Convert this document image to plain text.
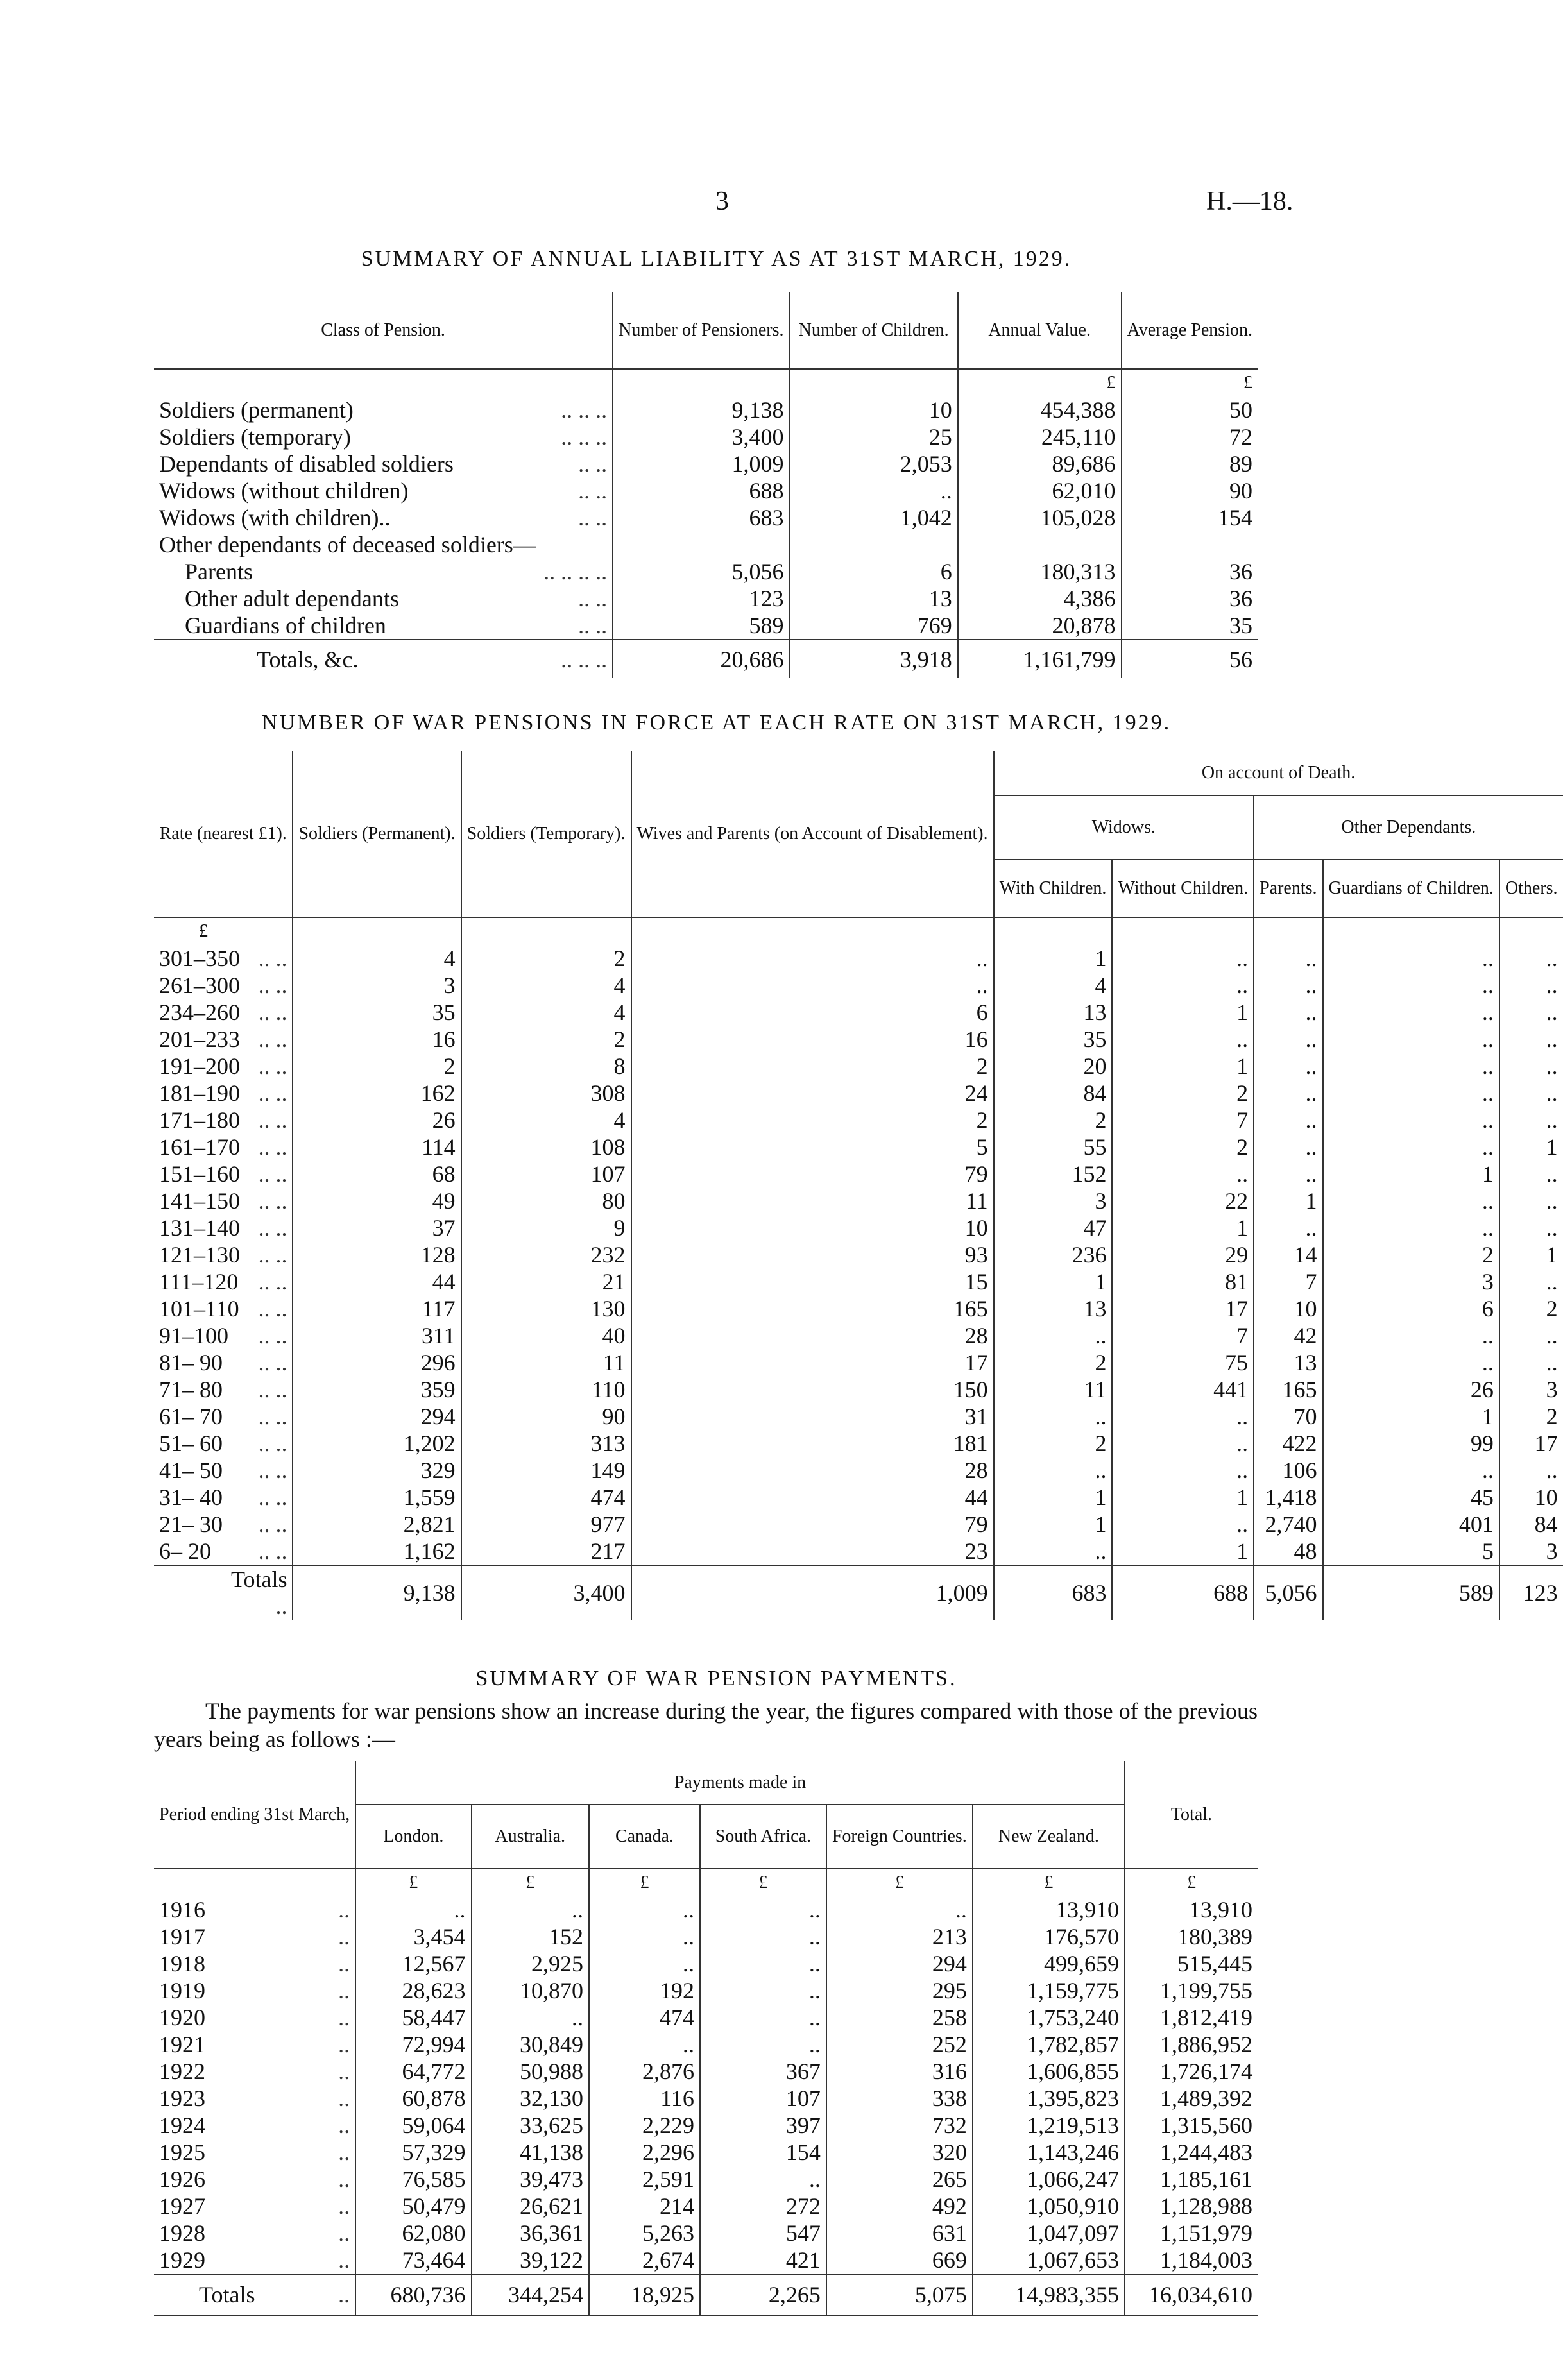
3	H.—18.
SUMMARY OF ANNUAL LIABILITY AS AT 31ST MARCH, 1929.
Class of Pension.	Number of Pensioners.	Number of Children.	Annual Value.	Average Pension.
			£	£
Soldiers (permanent) .. .. ..	9,138	10	454,388	50
Soldiers (temporary) .. .. ..	3,400	25	245,110	72
Dependants of disabled soldiers .. ..	1,009	2,053	89,686	89
Widows (without children) .. ..	688	..	62,010	90
Widows (with children).. .. ..	683	1,042	105,028	154
Other dependants of deceased soldiers—

Parents .. .. .. ..	5,056	6	180,313	36
Other adult dependants .. ..	123	13	4,386	36
Guardians of children .. ..	589	769	20,878	35
Totals, &c. .. .. ..	20,686	3,918	1,161,799	56
NUMBER OF WAR PENSIONS IN FORCE AT EACH RATE ON 31ST MARCH, 1929.
Rate (nearest £1).	Soldiers (Permanent).	Soldiers (Temporary).	Wives and Parents (on Account of Disablement).	On account of Death.				
				Widows.		Other Dependants.		
				With Children.	Without Children.	Parents.	Guardians of Children.	Others.
£								
301–350 .. ..	4	2	..	1	..	..	..	..
261–300 .. ..	3	4	..	4	..	..	..	..
234–260 .. ..	35	4	6	13	1	..	..	..
201–233 .. ..	16	2	16	35	..	..	..	..
191–200 .. ..	2	8	2	20	1	..	..	..
181–190 .. ..	162	308	24	84	2	..	..	..
171–180 .. ..	26	4	2	2	7	..	..	..
161–170 .. ..	114	108	5	55	2	..	..	1
151–160 .. ..	68	107	79	152	..	..	1	..
141–150 .. ..	49	80	11	3	22	1	..	..
131–140 .. ..	37	9	10	47	1	..	..	..
121–130 .. ..	128	232	93	236	29	14	2	1
111–120 .. ..	44	21	15	1	81	7	3	..
101–110 .. ..	117	130	165	13	17	10	6	2
91–100 .. ..	311	40	28	..	7	42	..	..
81– 90 .. ..	296	11	17	2	75	13	..	..
71– 80 .. ..	359	110	150	11	441	165	26	3
61– 70 .. ..	294	90	31	..	..	70	1	2
51– 60 .. ..	1,202	313	181	2	..	422	99	17
41– 50 .. ..	329	149	28	..	..	106	..	..
31– 40 .. ..	1,559	474	44	1	1	1,418	45	10
21– 30 .. ..	2,821	977	79	1	..	2,740	401	84
6– 20 .. ..	1,162	217	23	..	1	48	5	3
Totals
..	9,138	3,400	1,009	683	688	5,056	589	123
SUMMARY OF WAR PENSION PAYMENTS.
The payments for war pensions show an increase during the year, the figures compared with those of the previous years being as follows :—
Period ending 31st March,	Payments made in						Total.
	London.	Australia.	Canada.	South Africa.	Foreign Countries.	New Zealand.	
	£	£	£	£	£	£	£
1916 ..	..	..	..	..	..	13,910	13,910
1917 ..	3,454	152	..	..	213	176,570	180,389
1918 ..	12,567	2,925	..	..	294	499,659	515,445
1919 ..	28,623	10,870	192	..	295	1,159,775	1,199,755
1920 ..	58,447	..	474	..	258	1,753,240	1,812,419
1921 ..	72,994	30,849	..	..	252	1,782,857	1,886,952
1922 ..	64,772	50,988	2,876	367	316	1,606,855	1,726,174
1923 ..	60,878	32,130	116	107	338	1,395,823	1,489,392
1924 ..	59,064	33,625	2,229	397	732	1,219,513	1,315,560
1925 ..	57,329	41,138	2,296	154	320	1,143,246	1,244,483
1926 ..	76,585	39,473	2,591	..	265	1,066,247	1,185,161
1927 ..	50,479	26,621	214	272	492	1,050,910	1,128,988
1928 ..	62,080	36,361	5,263	547	631	1,047,097	1,151,979
1929 ..	73,464	39,122	2,674	421	669	1,067,653	1,184,003
Totals ..	680,736	344,254	18,925	2,265	5,075	14,983,355	16,034,610
